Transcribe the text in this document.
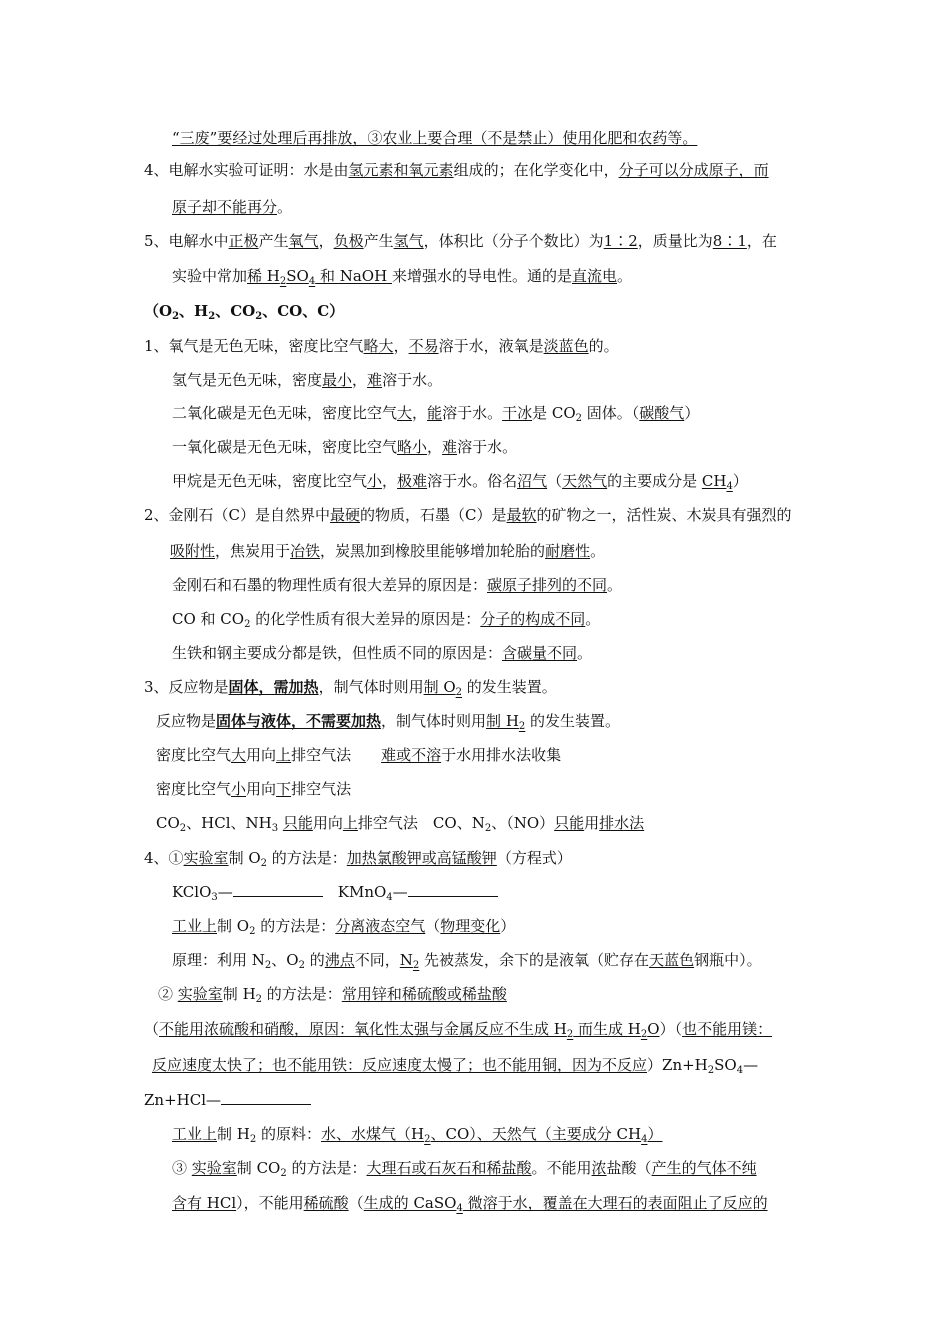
“三废”要经过处理后再排放，③农业上要合理（不是禁止）使用化肥和农药等。
4、电解水实验可证明：水是由氢元素和氧元素组成的；在化学变化中，分子可以分成原子，而
原子却不能再分。
5、电解水中正极产生氧气，负极产生氢气，体积比（分子个数比）为1∶2，质量比为8∶1，在
实验中常加稀 $H_2SO_4$ 和 NaOH 来增强水的导电性。通的是直流电。
（$O_2$、$H_2$、$CO_2$、CO、C）
1、氧气是无色无味，密度比空气略大，不易溶于水，液氧是淡蓝色的。
氢气是无色无味，密度最小，难溶于水。
二氧化碳是无色无味，密度比空气大，能溶于水。干冰是 $CO_2$ 固体。（碳酸气）
一氧化碳是无色无味，密度比空气略小，难溶于水。
甲烷是无色无味，密度比空气小，极难溶于水。俗名沼气（天然气的主要成分是 $CH_4$）
2、金刚石（C）是自然界中最硬的物质，石墨（C）是最软的矿物之一，活性炭、木炭具有强烈的
吸附性，焦炭用于冶铁，炭黑加到橡胶里能够增加轮胎的耐磨性。
金刚石和石墨的物理性质有很大差异的原因是：碳原子排列的不同。
CO 和 $CO_2$ 的化学性质有很大差异的原因是：分子的构成不同。
生铁和钢主要成分都是铁，但性质不同的原因是：含碳量不同。
3、反应物是固体，需加热，制气体时则用制 $O_2$ 的发生装置。
反应物是固体与液体，不需要加热，制气体时则用制 $H_2$ 的发生装置。
密度比空气大用向上排空气法　　难或不溶于水用排水法收集
密度比空气小用向下排空气法
$CO_2$、HCl、$NH_3$ 只能用向上排空气法　CO、$N_2$、（NO）只能用排水法
4、①实验室制 $O_2$ 的方法是：加热氯酸钾或高锰酸钾（方程式）
KClO$_3$—	　KMnO$_4$—
工业上制 $O_2$ 的方法是：分离液态空气（物理变化）
原理：利用 $N_2$、$O_2$ 的沸点不同，$N_2$ 先被蒸发，余下的是液氧（贮存在天蓝色钢瓶中）。
② 实验室制 $H_2$ 的方法是：常用锌和稀硫酸或稀盐酸
（不能用浓硫酸和硝酸，原因：氧化性太强与金属反应不生成 $H_2$ 而生成 $H_2O$）（也不能用镁：
反应速度太快了；也不能用铁：反应速度太慢了；也不能用铜，因为不反应）$Zn+H_2SO_4—$
Zn+HCl—
工业上制 $H_2$ 的原料：水、水煤气（$H_2$、CO）、天然气（主要成分 $CH_4$）
③ 实验室制 $CO_2$ 的方法是：大理石或石灰石和稀盐酸。不能用浓盐酸（产生的气体不纯
含有 HCl），不能用稀硫酸（生成的 CaSO$_4$ 微溶于水，覆盖在大理石的表面阻止了反应的
